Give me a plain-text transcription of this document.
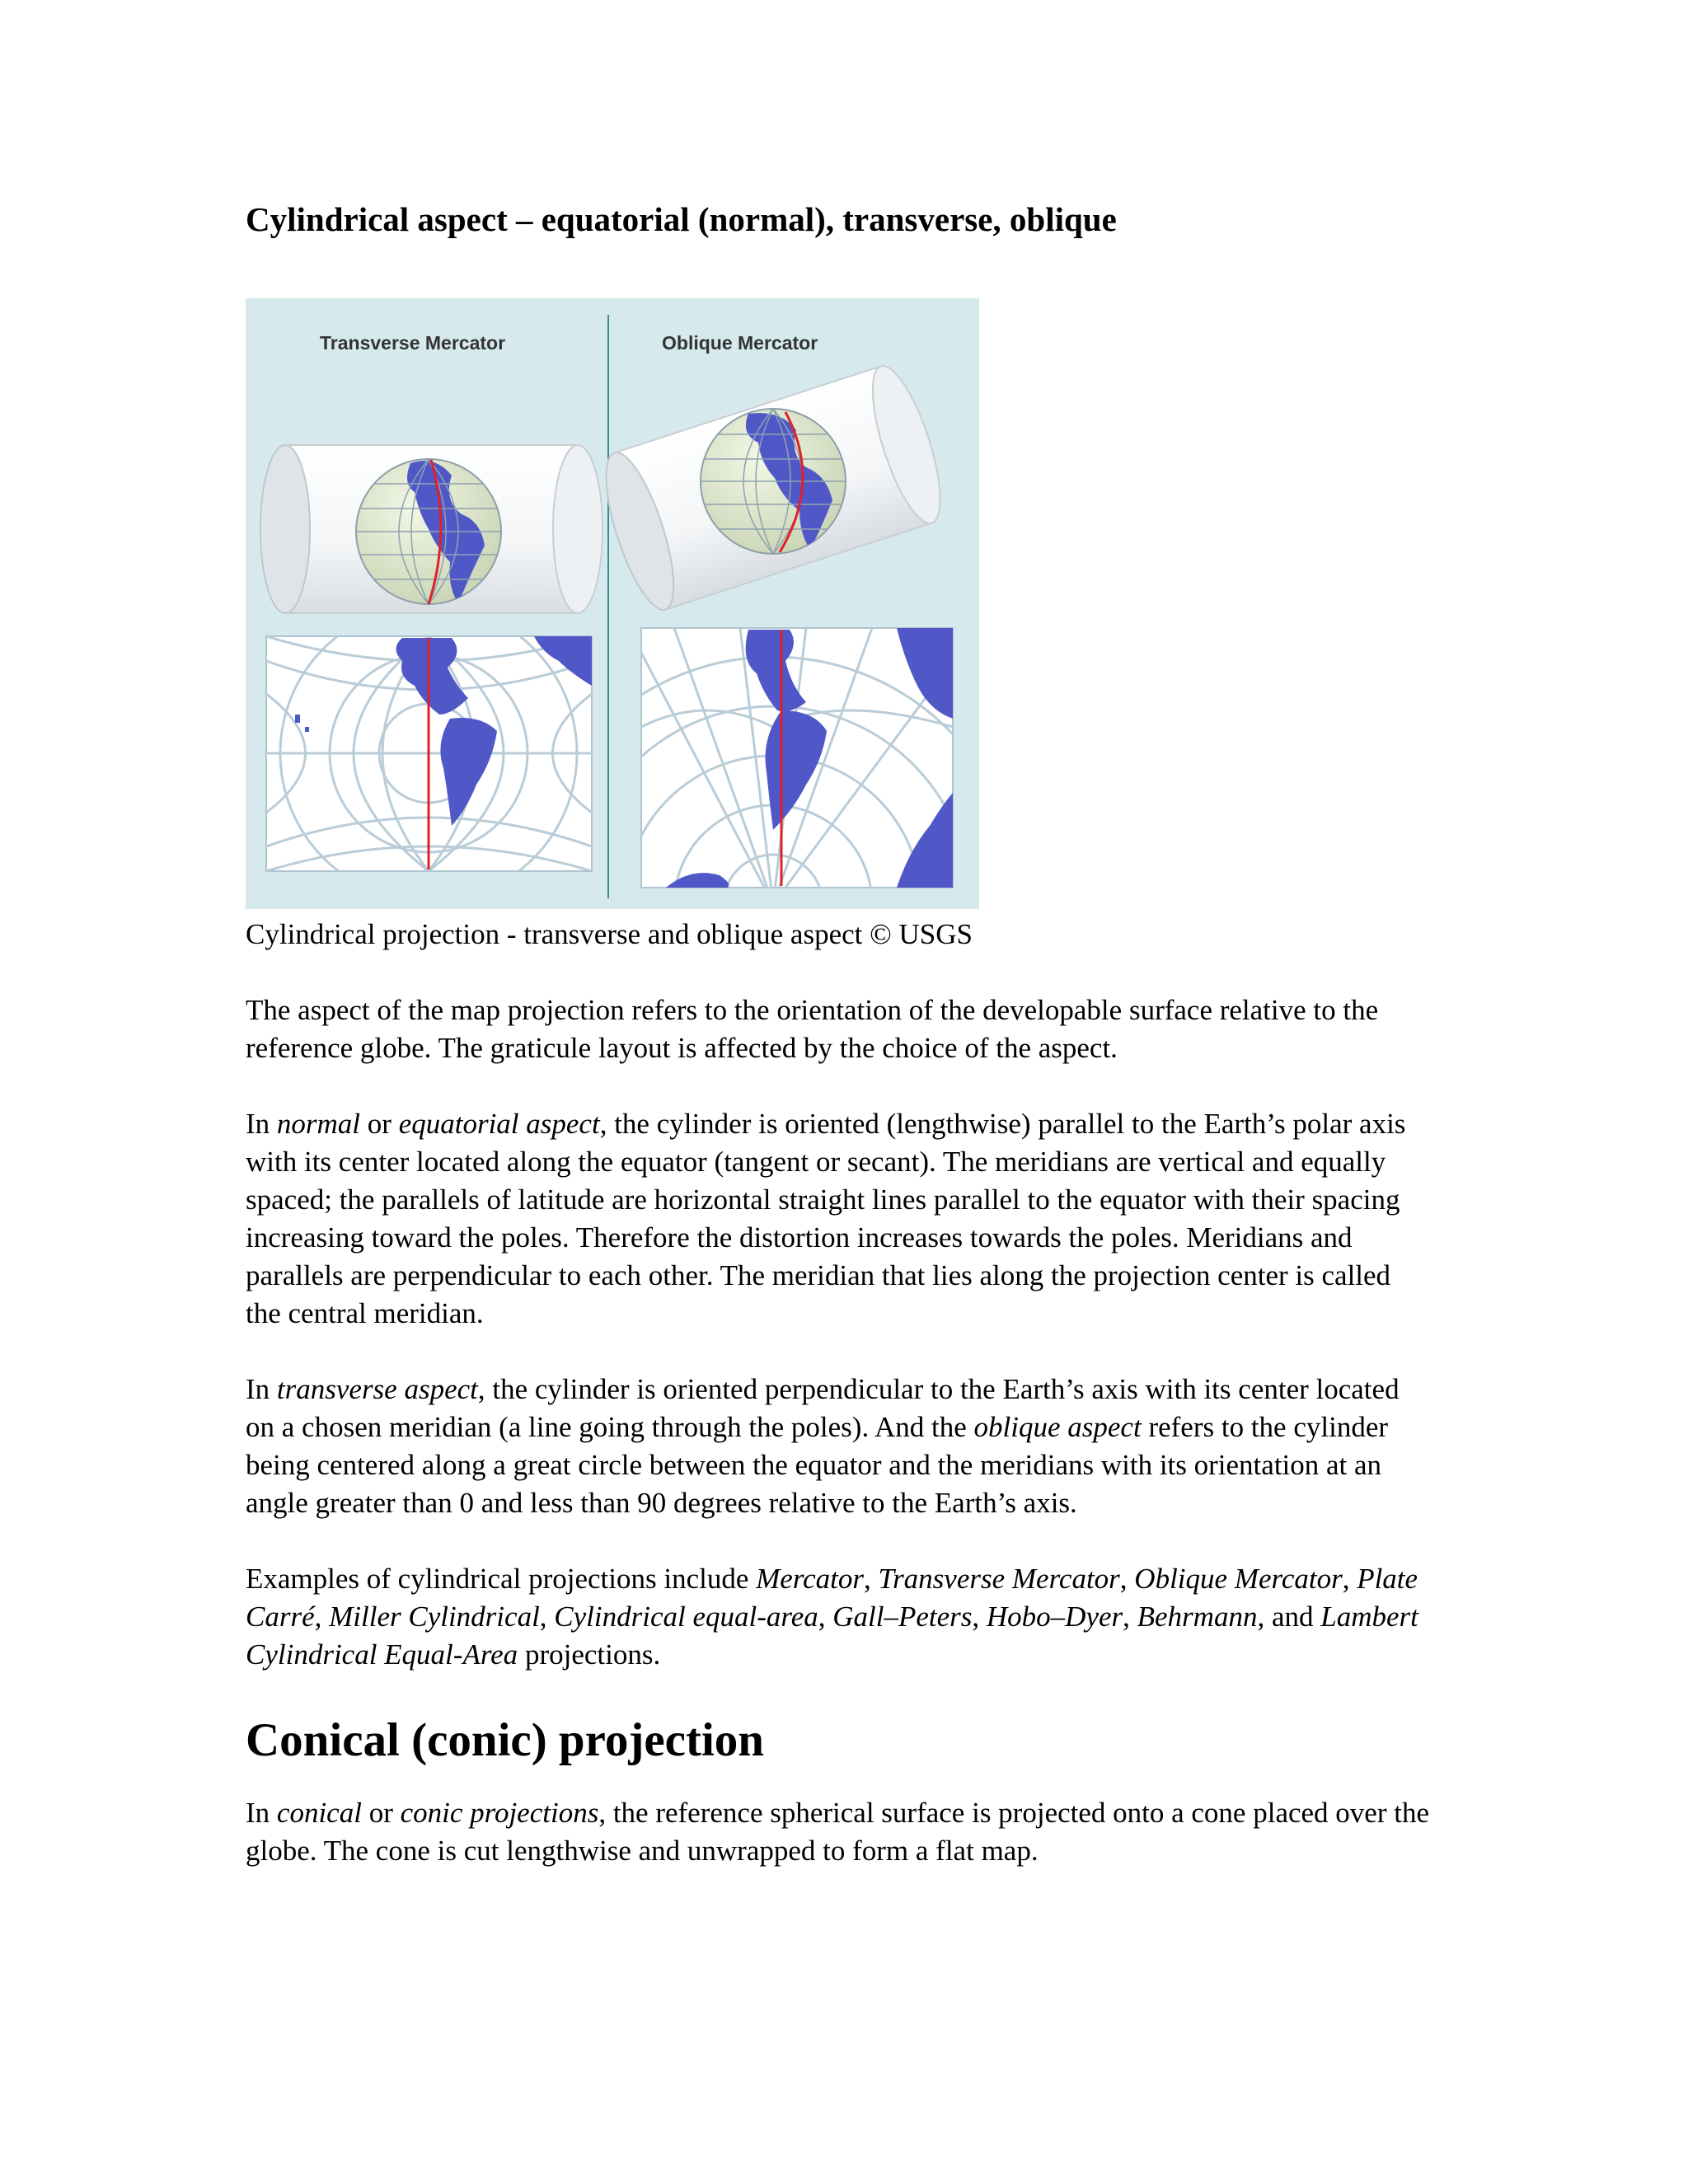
Cylindrical aspect – equatorial (normal), transverse, oblique
Transverse Mercator	Oblique Mercator

Cylindrical projection - transverse and oblique aspect © USGS

The aspect of the map projection refers to the orientation of the developable surface relative to the reference globe. The graticule layout is affected by the choice of the aspect.

In normal or equatorial aspect, the cylinder is oriented (lengthwise) parallel to the Earth’s polar axis with its center located along the equator (tangent or secant). The meridians are vertical and equally spaced; the parallels of latitude are horizontal straight lines parallel to the equator with their spacing increasing toward the poles. Therefore the distortion increases towards the poles. Meridians and parallels are perpendicular to each other. The meridian that lies along the projection center is called the central meridian.

In transverse aspect, the cylinder is oriented perpendicular to the Earth’s axis with its center located on a chosen meridian (a line going through the poles). And the oblique aspect refers to the cylinder being centered along a great circle between the equator and the meridians with its orientation at an angle greater than 0 and less than 90 degrees relative to the Earth’s axis.

Examples of cylindrical projections include Mercator, Transverse Mercator, Oblique Mercator, Plate Carré, Miller Cylindrical, Cylindrical equal-area, Gall–Peters, Hobo–Dyer, Behrmann, and Lambert Cylindrical Equal-Area projections.

Conical (conic) projection

In conical or conic projections, the reference spherical surface is projected onto a cone placed over the globe. The cone is cut lengthwise and unwrapped to form a flat map.
